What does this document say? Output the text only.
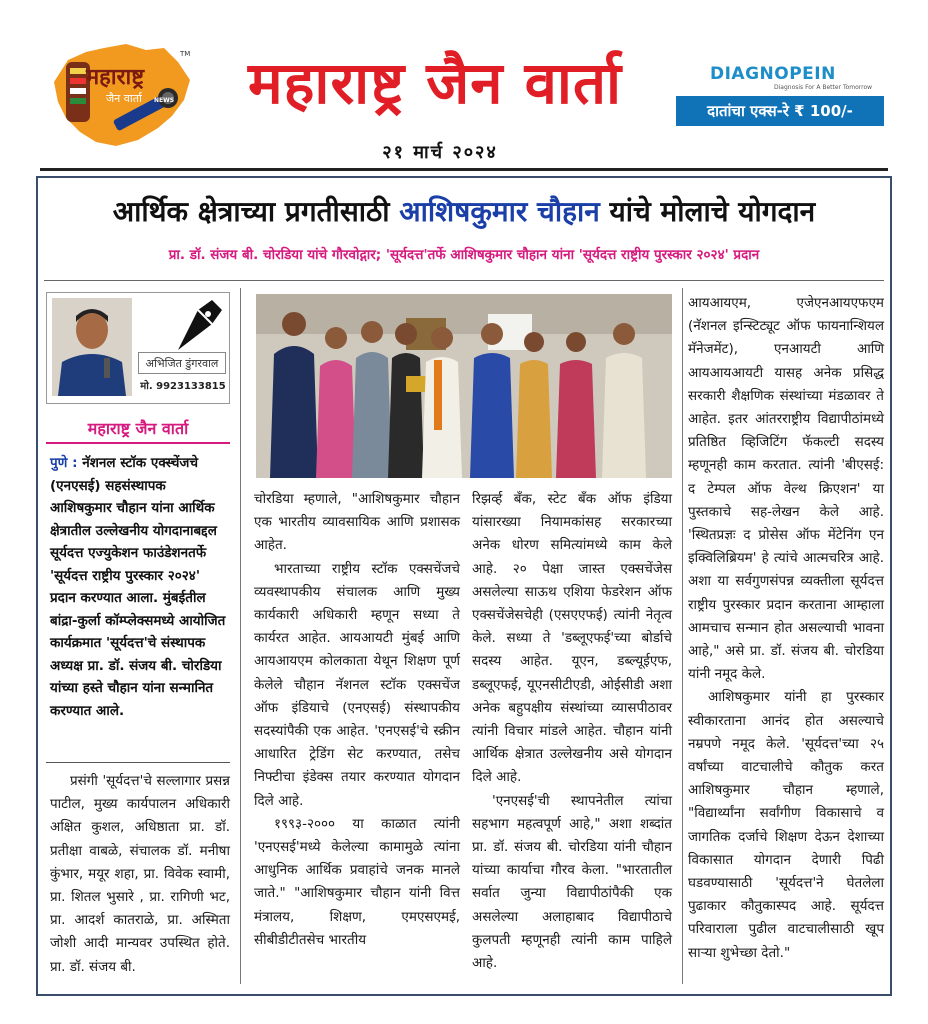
महाराष्ट्र
जैन वार्ता NEWS
TM महाराष्ट्र जैन वार्ता
२१ मार्च २०२४
DIAGNOPEIN
Diagnosis For A Better Tomorrow
दातांचा एक्स-रे ₹ 100/-
आर्थिक क्षेत्राच्या प्रगतीसाठी आशिषकुमार चौहान यांचे मोलाचे योगदान
प्रा. डॉ. संजय बी. चोरडिया यांचे गौरवोद्गार; 'सूर्यदत्त'तर्फे आशिषकुमार चौहान यांना 'सूर्यदत्त राष्ट्रीय पुरस्कार २०२४' प्रदान
अभिजित डुंगरवाल
मो. 9923133815
महाराष्ट्र जैन वार्ता
पुणे : नॅशनल स्टॉक एक्स्चेंजचे (एनएसई) सहसंस्थापक आशिषकुमार चौहान यांना आर्थिक क्षेत्रातील उल्लेखनीय योगदानाबद्दल सूर्यदत्त एज्युकेशन फाउंडेशनतर्फे 'सूर्यदत्त राष्ट्रीय पुरस्कार २०२४' प्रदान करण्यात आला. मुंबईतील बांद्रा-कुर्ला कॉम्प्लेक्समध्ये आयोजित कार्यक्रमात 'सूर्यदत्त'चे संस्थापक अध्यक्ष प्रा. डॉ. संजय बी. चोरडिया यांच्या हस्ते चौहान यांना सन्मानित करण्यात आले.

प्रसंगी 'सूर्यदत्त'चे सल्लागार प्रसन्न पाटील, मुख्य कार्यपालन अधिकारी अक्षित कुशल, अधिष्ठाता प्रा. डॉ. प्रतीक्षा वाबळे, संचालक डॉ. मनीषा कुंभार, मयूर शहा, प्रा. विवेक स्वामी, प्रा. शितल भुसारे , प्रा. रागिणी भट, प्रा. आदर्श कातराळे, प्रा. अस्मिता जोशी आदी मान्यवर उपस्थित होते. प्रा. डॉ. संजय बी.

चोरडिया म्हणाले, "आशिषकुमार चौहान एक भारतीय व्यावसायिक आणि प्रशासक आहेत.

भारताच्या राष्ट्रीय स्टॉक एक्सचेंजचे व्यवस्थापकीय संचालक आणि मुख्य कार्यकारी अधिकारी म्हणून सध्या ते कार्यरत आहेत. आयआयटी मुंबई आणि आयआयएम कोलकाता येथून शिक्षण पूर्ण केलेले चौहान नॅशनल स्टॉक एक्सचेंज ऑफ इंडियाचे (एनएसई) संस्थापकीय सदस्यांपैकी एक आहेत. 'एनएसई'चे स्क्रीन आधारित ट्रेडिंग सेट करण्यात, तसेच निफ्टीचा इंडेक्स तयार करण्यात योगदान दिले आहे.

१९९३-२००० या काळात त्यांनी 'एनएसई'मध्ये केलेल्या कामामुळे त्यांना आधुनिक आर्थिक प्रवाहांचे जनक मानले जाते." "आशिषकुमार चौहान यांनी वित्त मंत्रालय, शिक्षण, एमएसएमई, सीबीडीटीतसेच भारतीय

रिझर्व्ह बँक, स्टेट बँक ऑफ इंडिया यांसारख्या नियामकांसह सरकारच्या अनेक धोरण समित्यांमध्ये काम केले आहे. २० पेक्षा जास्त एक्सचेंजेस असलेल्या साऊथ एशिया फेडरेशन ऑफ एक्सचेंजेसचेही (एसएएफई) त्यांनी नेतृत्व केले. सध्या ते 'डब्लूएफई'च्या बोर्डाचे सदस्य आहेत. यूएन, डब्ल्यूईएफ, डब्लूएफई, यूएनसीटीएडी, ओईसीडी अशा अनेक बहुपक्षीय संस्थांच्या व्यासपीठावर त्यांनी विचार मांडले आहेत. चौहान यांनी आर्थिक क्षेत्रात उल्लेखनीय असे योगदान दिले आहे.

'एनएसई'ची स्थापनेतील त्यांचा सहभाग महत्वपूर्ण आहे," अशा शब्दांत प्रा. डॉ. संजय बी. चोरडिया यांनी चौहान यांच्या कार्याचा गौरव केला. "भारतातील सर्वात जुन्या विद्यापीठांपैकी एक असलेल्या अलाहाबाद विद्यापीठाचे कुलपती म्हणूनही त्यांनी काम पाहिले आहे.

आयआयएम, एजेएनआयएफएम (नॅशनल इन्स्टिट्यूट ऑफ फायनान्शियल मॅनेजमेंट), एनआयटी आणि आयआयआयटी यासह अनेक प्रसिद्ध सरकारी शैक्षणिक संस्थांच्या मंडळावर ते आहेत. इतर आंतरराष्ट्रीय विद्यापीठांमध्ये प्रतिष्ठित व्हिजिटिंग फॅकल्टी सदस्य म्हणूनही काम करतात. त्यांनी 'बीएसई: द टेम्पल ऑफ वेल्थ क्रिएशन' या पुस्तकाचे सह-लेखन केले आहे. 'स्थितप्रज्ञः द प्रोसेस ऑफ मेंटेनिंग एन इक्विलिब्रियम' हे त्यांचे आत्मचरित्र आहे. अशा या सर्वगुणसंपन्न व्यक्तीला सूर्यदत्त राष्ट्रीय पुरस्कार प्रदान करताना आम्हाला आमचाच सन्मान होत असल्याची भावना आहे," असे प्रा. डॉ. संजय बी. चोरडिया यांनी नमूद केले.

आशिषकुमार यांनी हा पुरस्कार स्वीकारताना आनंद होत असल्याचे नम्रपणे नमूद केले. 'सूर्यदत्त'च्या २५ वर्षांच्या वाटचालीचे कौतुक करत आशिषकुमार चौहान म्हणाले, "विद्यार्थ्यांना सर्वांगीण विकासाचे व जागतिक दर्जाचे शिक्षण देऊन देशाच्या विकासात योगदान देणारी पिढी घडवण्यासाठी 'सूर्यदत्त'ने घेतलेला पुढाकार कौतुकास्पद आहे. सूर्यदत्त परिवाराला पुढील वाटचालीसाठी खूप साऱ्या शुभेच्छा देतो."
